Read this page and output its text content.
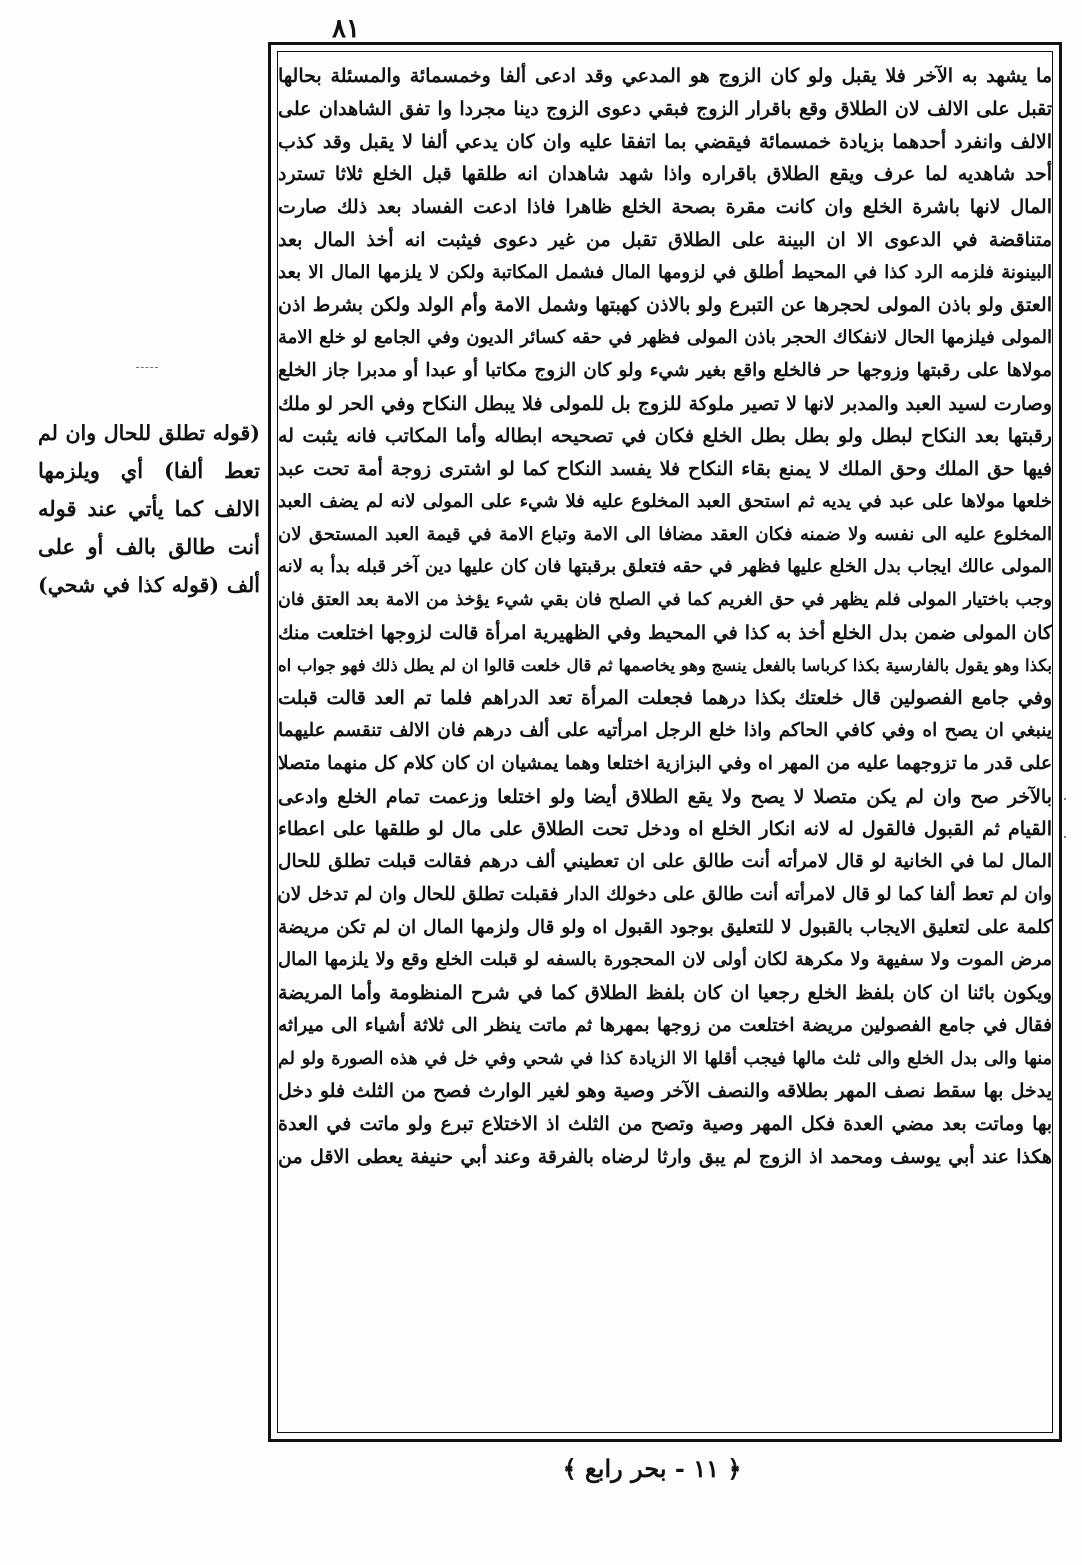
٨١
ما يشهد به الآخر فلا يقبل ولو كان الزوج هو المدعي وقد ادعى ألفا وخمسمائة والمسئلة بحالها
تقبل على الالف لان الطلاق وقع باقرار الزوج فبقي دعوى الزوج دينا مجردا وا تفق الشاهدان على
الالف وانفرد أحدهما بزيادة خمسمائة فيقضي بما اتفقا عليه وان كان يدعي ألفا لا يقبل وقد كذب
أحد شاهديه لما عرف ويقع الطلاق باقراره واذا شهد شاهدان انه طلقها قبل الخلع ثلاثا تسترد
المال لانها باشرة الخلع وان كانت مقرة بصحة الخلع ظاهرا فاذا ادعت الفساد بعد ذلك صارت
متناقضة في الدعوى الا ان البينة على الطلاق تقبل من غير دعوى فيثبت انه أخذ المال بعد
البينونة فلزمه الرد كذا في المحيط أطلق في لزومها المال فشمل المكاتبة ولكن لا يلزمها المال الا بعد
العتق ولو باذن المولى لحجرها عن التبرع ولو بالاذن كهبتها وشمل الامة وأم الولد ولكن بشرط اذن
المولى فيلزمها الحال لانفكاك الحجر باذن المولى فظهر في حقه كسائر الديون وفي الجامع لو خلع الامة
مولاها على رقبتها وزوجها حر فالخلع واقع بغير شيء ولو كان الزوج مكاتبا أو عبدا أو مدبرا جاز الخلع
وصارت لسيد العبد والمدبر لانها لا تصير ملوكة للزوج بل للمولى فلا يبطل النكاح وفي الحر لو ملك
رقبتها بعد النكاح لبطل ولو بطل بطل الخلع فكان في تصحيحه ابطاله وأما المكاتب فانه يثبت له
فيها حق الملك وحق الملك لا يمنع بقاء النكاح فلا يفسد النكاح كما لو اشترى زوجة أمة تحت عبد
خلعها مولاها على عبد في يديه ثم استحق العبد المخلوع عليه فلا شيء على المولى لانه لم يضف العبد
المخلوع عليه الى نفسه ولا ضمنه فكان العقد مضافا الى الامة وتباع الامة في قيمة العبد المستحق لان
المولى عالك ايجاب بدل الخلع عليها فظهر في حقه فتعلق برقبتها فان كان عليها دين آخر قبله بدأ به لانه
وجب باختيار المولى فلم يظهر في حق الغريم كما في الصلح فان بقي شيء يؤخذ من الامة بعد العتق فان
كان المولى ضمن بدل الخلع أخذ به كذا في المحيط وفي الظهيرية امرأة قالت لزوجها اختلعت منك
بكذا وهو يقول بالفارسية بكذا كرباسا بالفعل ينسج وهو يخاصمها ثم قال خلعت قالوا ان لم يطل ذلك فهو جواب اه
وفي جامع الفصولين قال خلعتك بكذا درهما فجعلت المرأة تعد الدراهم فلما تم العد قالت قبلت
ينبغي ان يصح اه وفي كافي الحاكم واذا خلع الرجل امرأتيه على ألف درهم فان الالف تنقسم عليهما
على قدر ما تزوجهما عليه من المهر اه وفي البزازية اختلعا وهما يمشيان ان كان كلام كل منهما متصلا
بالآخر صح وان لم يكن متصلا لا يصح ولا يقع الطلاق أيضا ولو اختلعا وزعمت تمام الخلع وادعى
القيام ثم القبول فالقول له لانه انكار الخلع اه ودخل تحت الطلاق على مال لو طلقها على اعطاء
المال لما في الخانية لو قال لامرأته أنت طالق على ان تعطيني ألف درهم فقالت قبلت تطلق للحال
وان لم تعط ألفا كما لو قال لامرأته أنت طالق على دخولك الدار فقبلت تطلق للحال وان لم تدخل لان
كلمة على لتعليق الايجاب بالقبول لا للتعليق بوجود القبول اه ولو قال ولزمها المال ان لم تكن مريضة
مرض الموت ولا سفيهة ولا مكرهة لكان أولى لان المحجورة بالسفه لو قبلت الخلع وقع ولا يلزمها المال
ويكون بائنا ان كان بلفظ الخلع رجعيا ان كان بلفظ الطلاق كما في شرح المنظومة وأما المريضة
فقال في جامع الفصولين مريضة اختلعت من زوجها بمهرها ثم ماتت ينظر الى ثلاثة أشياء الى ميراثه
منها والى بدل الخلع والى ثلث مالها فيجب أقلها الا الزيادة كذا في شحي وفي خل في هذه الصورة ولو لم
يدخل بها سقط نصف المهر بطلاقه والنصف الآخر وصية وهو لغير الوارث فصح من الثلث فلو دخل
بها وماتت بعد مضي العدة فكل المهر وصية وتصح من الثلث اذ الاختلاع تبرع ولو ماتت في العدة
هكذا عند أبي يوسف ومحمد اذ الزوج لم يبق وارثا لرضاه بالفرقة وعند أبي حنيفة يعطى الاقل من
(قوله تطلق للحال وان لم
تعط ألفا) أي ويلزمها
الالف كما يأتي عند قوله
أنت طالق بالف أو على
ألف (قوله كذا في شحي)
﴿ ١١ - بحر رابع ﴾
